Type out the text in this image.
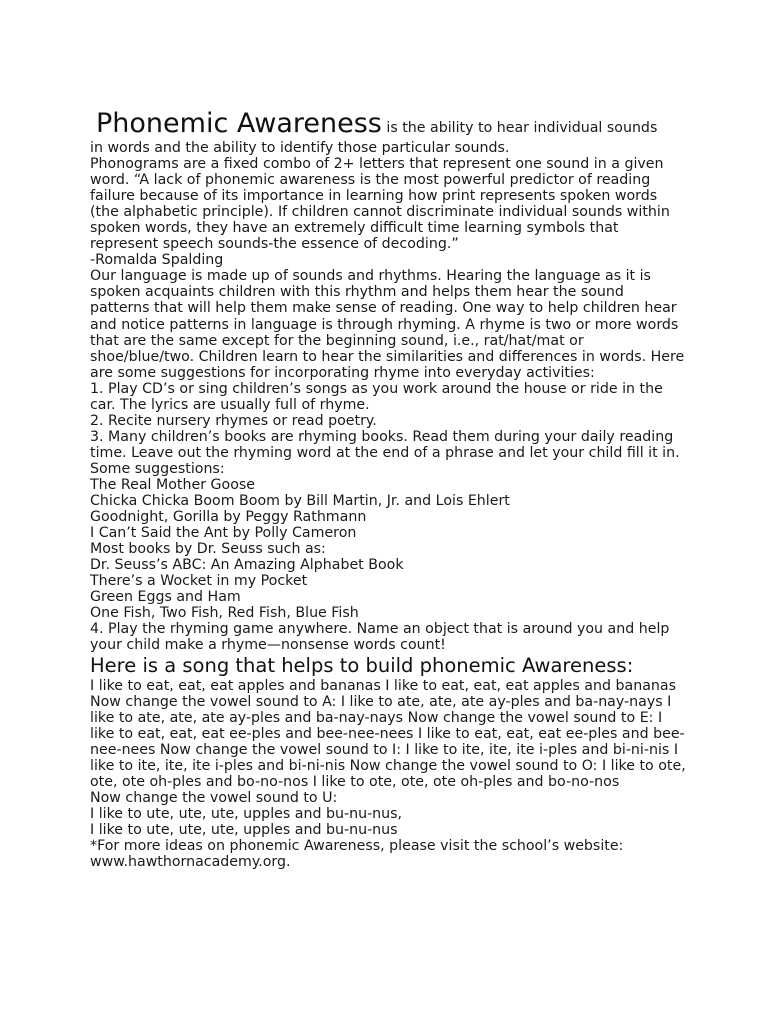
Phonemic Awareness is the ability to hear individual sounds
in words and the ability to identify those particular sounds.

Phonograms are a fixed combo of 2+ letters that represent one sound in a given word. “A lack of phonemic awareness is the most powerful predictor of reading failure because of its importance in learning how print represents spoken words (the alphabetic principle). If children cannot discriminate individual sounds within spoken words, they have an extremely difficult time learning symbols that represent speech sounds-the essence of decoding.”

-Romalda Spalding

Our language is made up of sounds and rhythms. Hearing the language as it is spoken acquaints children with this rhythm and helps them hear the sound patterns that will help them make sense of reading. One way to help children hear and notice patterns in language is through rhyming. A rhyme is two or more words that are the same except for the beginning sound, i.e., rat/hat/mat or shoe/blue/two. Children learn to hear the similarities and differences in words. Here are some suggestions for incorporating rhyme into everyday activities:

1. Play CD’s or sing children’s songs as you work around the house or ride in the car. The lyrics are usually full of rhyme.

2. Recite nursery rhymes or read poetry.

3. Many children’s books are rhyming books. Read them during your daily reading time. Leave out the rhyming word at the end of a phrase and let your child fill it in.

Some suggestions:

The Real Mother Goose

Chicka Chicka Boom Boom by Bill Martin, Jr. and Lois Ehlert

Goodnight, Gorilla by Peggy Rathmann

I Can’t Said the Ant by Polly Cameron

Most books by Dr. Seuss such as:

Dr. Seuss’s ABC: An Amazing Alphabet Book

There’s a Wocket in my Pocket

Green Eggs and Ham

One Fish, Two Fish, Red Fish, Blue Fish

4. Play the rhyming game anywhere. Name an object that is around you and help your child make a rhyme—nonsense words count!

Here is a song that helps to build phonemic Awareness:

I like to eat, eat, eat apples and bananas I like to eat, eat, eat apples and bananas Now change the vowel sound to A: I like to ate, ate, ate ay-ples and ba-nay-nays I like to ate, ate, ate ay-ples and ba-nay-nays Now change the vowel sound to E: I like to eat, eat, eat ee-ples and bee-nee-nees I like to eat, eat, eat ee-ples and bee-nee-nees Now change the vowel sound to I: I like to ite, ite, ite i-ples and bi-ni-nis I like to ite, ite, ite i-ples and bi-ni-nis Now change the vowel sound to O: I like to ote, ote, ote oh-ples and bo-no-nos I like to ote, ote, ote oh-ples and bo-no-nos

Now change the vowel sound to U:

I like to ute, ute, ute, upples and bu-nu-nus,

I like to ute, ute, ute, upples and bu-nu-nus

*For more ideas on phonemic Awareness, please visit the school’s website: www.hawthornacademy.org.
